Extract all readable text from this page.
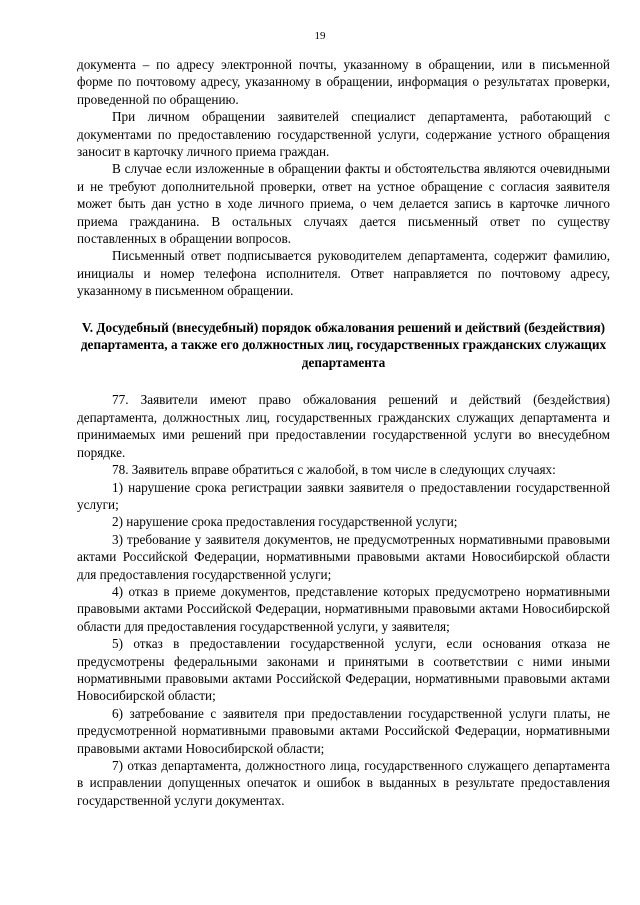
19

документа – по адресу электронной почты, указанному в обращении, или в письменной форме по почтовому адресу, указанному в обращении, информация о результатах проверки, проведенной по обращению.

При личном обращении заявителей специалист департамента, работающий с документами по предоставлению государственной услуги, содержание устного обращения заносит в карточку личного приема граждан.

В случае если изложенные в обращении факты и обстоятельства являются очевидными и не требуют дополнительной проверки, ответ на устное обращение с согласия заявителя может быть дан устно в ходе личного приема, о чем делается запись в карточке личного приема гражданина. В остальных случаях дается письменный ответ по существу поставленных в обращении вопросов.

Письменный ответ подписывается руководителем департамента, содержит фамилию, инициалы и номер телефона исполнителя. Ответ направляется по почтовому адресу, указанному в письменном обращении.

V. Досудебный (внесудебный) порядок обжалования решений и действий (бездействия) департамента, а также его должностных лиц, государственных гражданских служащих департамента

77. Заявители имеют право обжалования решений и действий (бездействия) департамента, должностных лиц, государственных гражданских служащих департамента и принимаемых ими решений при предоставлении государственной услуги во внесудебном порядке.

78. Заявитель вправе обратиться с жалобой, в том числе в следующих случаях:

1) нарушение срока регистрации заявки заявителя о предоставлении государственной услуги;

2) нарушение срока предоставления государственной услуги;

3) требование у заявителя документов, не предусмотренных нормативными правовыми актами Российской Федерации, нормативными правовыми актами Новосибирской области для предоставления государственной услуги;

4) отказ в приеме документов, представление которых предусмотрено нормативными правовыми актами Российской Федерации, нормативными правовыми актами Новосибирской области для предоставления государственной услуги, у заявителя;

5) отказ в предоставлении государственной услуги, если основания отказа не предусмотрены федеральными законами и принятыми в соответствии с ними иными нормативными правовыми актами Российской Федерации, нормативными правовыми актами Новосибирской области;

6) затребование с заявителя при предоставлении государственной услуги платы, не предусмотренной нормативными правовыми актами Российской Федерации, нормативными правовыми актами Новосибирской области;

7) отказ департамента, должностного лица, государственного служащего департамента в исправлении допущенных опечаток и ошибок в выданных в результате предоставления государственной услуги документах.
